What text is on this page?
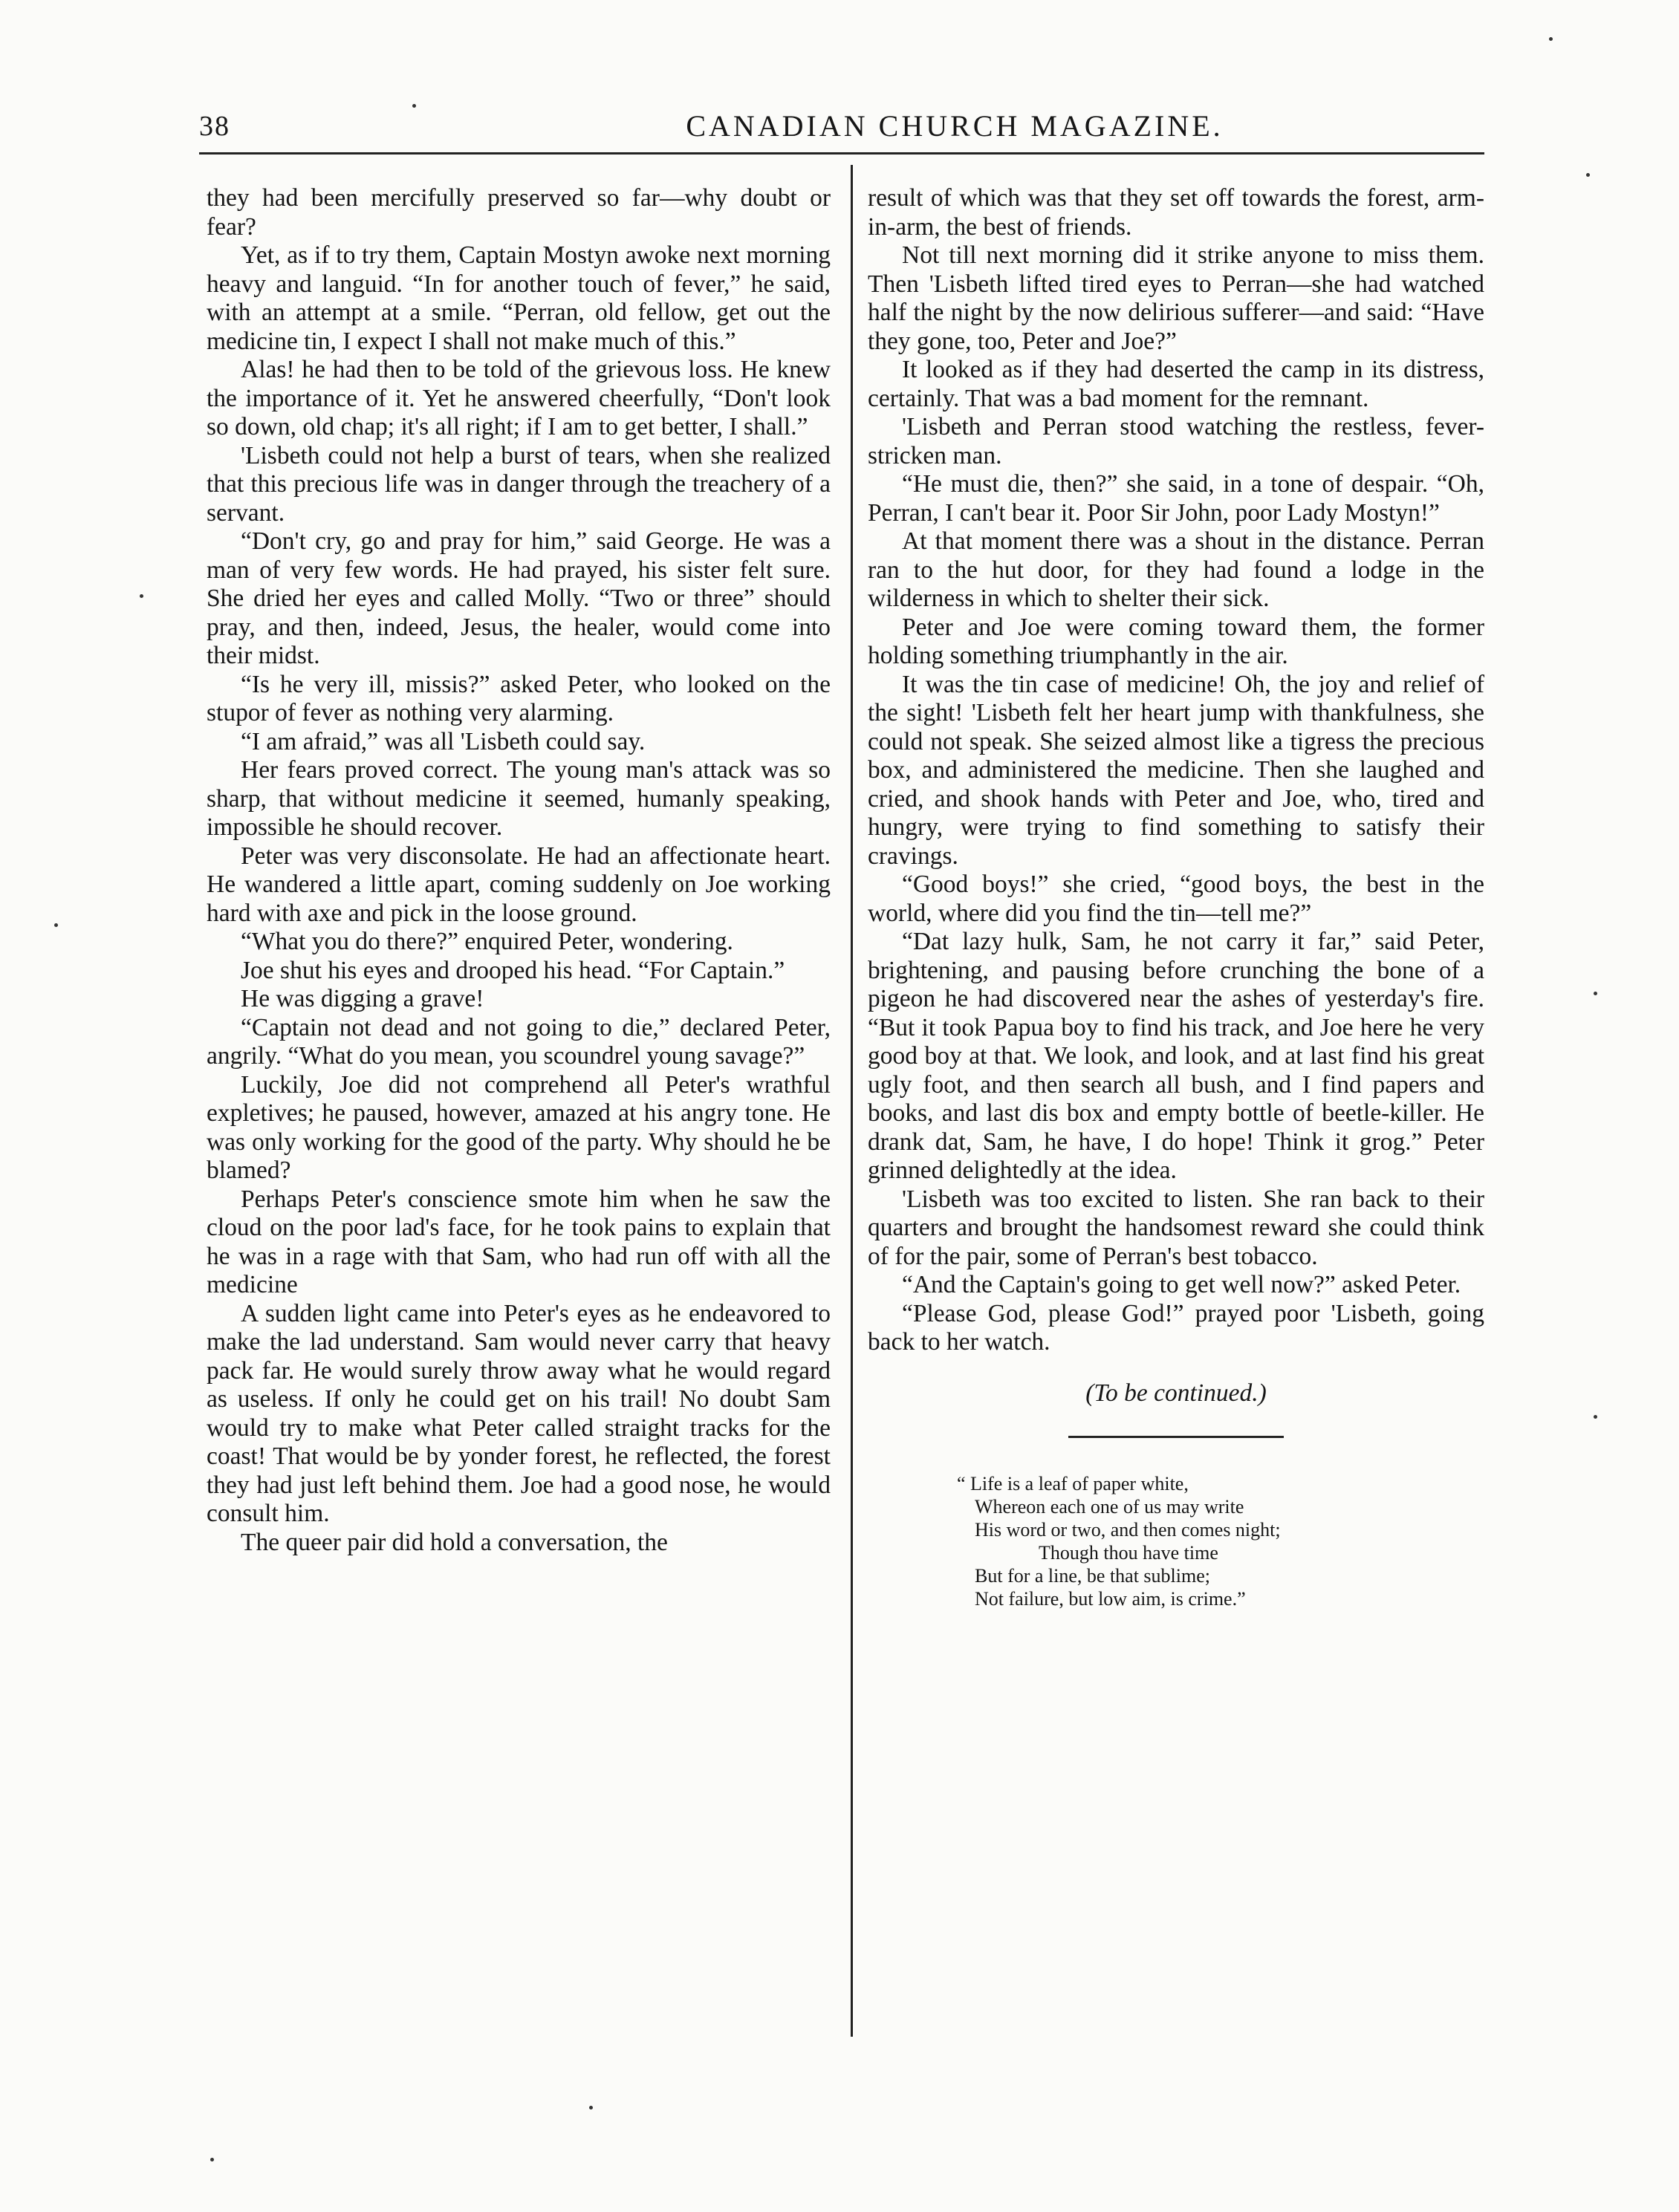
38	CANADIAN CHURCH MAGAZINE.

they had been mercifully preserved so far—why doubt or fear?

Yet, as if to try them, Captain Mostyn awoke next morning heavy and languid. “In for another touch of fever,” he said, with an attempt at a smile. “Perran, old fellow, get out the medicine tin, I expect I shall not make much of this.”

Alas! he had then to be told of the grievous loss. He knew the importance of it. Yet he answered cheerfully, “Don't look so down, old chap; it's all right; if I am to get better, I shall.”

'Lisbeth could not help a burst of tears, when she realized that this precious life was in danger through the treachery of a servant.

“Don't cry, go and pray for him,” said George. He was a man of very few words. He had prayed, his sister felt sure. She dried her eyes and called Molly. “Two or three” should pray, and then, indeed, Jesus, the healer, would come into their midst.

“Is he very ill, missis?” asked Peter, who looked on the stupor of fever as nothing very alarming.

“I am afraid,” was all 'Lisbeth could say.

Her fears proved correct. The young man's attack was so sharp, that without medicine it seemed, humanly speaking, impossible he should recover.

Peter was very disconsolate. He had an affectionate heart. He wandered a little apart, coming suddenly on Joe working hard with axe and pick in the loose ground.

“What you do there?” enquired Peter, wondering.

Joe shut his eyes and drooped his head. “For Captain.”

He was digging a grave!

“Captain not dead and not going to die,” declared Peter, angrily. “What do you mean, you scoundrel young savage?”

Luckily, Joe did not comprehend all Peter's wrathful expletives; he paused, however, amazed at his angry tone. He was only working for the good of the party. Why should he be blamed?

Perhaps Peter's conscience smote him when he saw the cloud on the poor lad's face, for he took pains to explain that he was in a rage with that Sam, who had run off with all the medicine

A sudden light came into Peter's eyes as he endeavored to make the lad understand. Sam would never carry that heavy pack far. He would surely throw away what he would regard as useless. If only he could get on his trail! No doubt Sam would try to make what Peter called straight tracks for the coast! That would be by yonder forest, he reflected, the forest they had just left behind them. Joe had a good nose, he would consult him.

The queer pair did hold a conversation, the

result of which was that they set off towards the forest, arm-in-arm, the best of friends.

Not till next morning did it strike anyone to miss them. Then 'Lisbeth lifted tired eyes to Perran—she had watched half the night by the now delirious sufferer—and said: “Have they gone, too, Peter and Joe?”

It looked as if they had deserted the camp in its distress, certainly. That was a bad moment for the remnant.

'Lisbeth and Perran stood watching the restless, fever-stricken man.

“He must die, then?” she said, in a tone of despair. “Oh, Perran, I can't bear it. Poor Sir John, poor Lady Mostyn!”

At that moment there was a shout in the distance. Perran ran to the hut door, for they had found a lodge in the wilderness in which to shelter their sick.

Peter and Joe were coming toward them, the former holding something triumphantly in the air.

It was the tin case of medicine! Oh, the joy and relief of the sight! 'Lisbeth felt her heart jump with thankfulness, she could not speak. She seized almost like a tigress the precious box, and administered the medicine. Then she laughed and cried, and shook hands with Peter and Joe, who, tired and hungry, were trying to find something to satisfy their cravings.

“Good boys!” she cried, “good boys, the best in the world, where did you find the tin—tell me?”

“Dat lazy hulk, Sam, he not carry it far,” said Peter, brightening, and pausing before crunching the bone of a pigeon he had discovered near the ashes of yesterday's fire. “But it took Papua boy to find his track, and Joe here he very good boy at that. We look, and look, and at last find his great ugly foot, and then search all bush, and I find papers and books, and last dis box and empty bottle of beetle-killer. He drank dat, Sam, he have, I do hope! Think it grog.” Peter grinned delightedly at the idea.

'Lisbeth was too excited to listen. She ran back to their quarters and brought the handsomest reward she could think of for the pair, some of Perran's best tobacco.

“And the Captain's going to get well now?” asked Peter.

“Please God, please God!” prayed poor 'Lisbeth, going back to her watch.

(To be continued.)

“ Life is a leaf of paper white,
Whereon each one of us may write
His word or two, and then comes night;
Though thou have time
But for a line, be that sublime;
Not failure, but low aim, is crime.”
